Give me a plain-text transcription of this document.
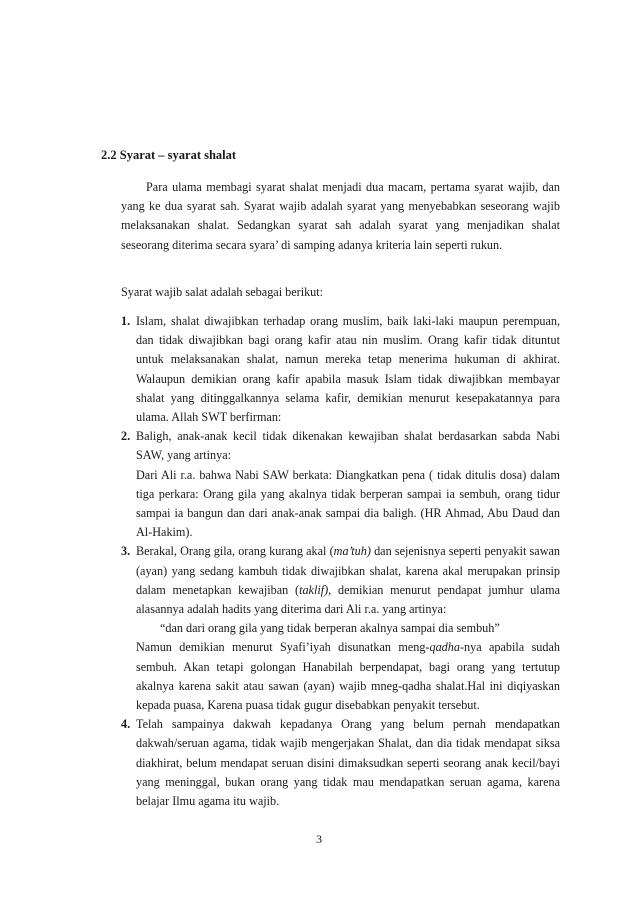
2.2 Syarat – syarat shalat

Para ulama membagi syarat shalat menjadi dua macam, pertama syarat wajib, dan yang ke dua syarat sah. Syarat wajib adalah syarat yang menyebabkan seseorang wajib melaksanakan shalat. Sedangkan syarat sah adalah syarat yang menjadikan shalat seseorang diterima secara syara’ di samping adanya kriteria lain seperti rukun.

Syarat wajib salat adalah sebagai berikut:

1. Islam, shalat diwajibkan terhadap orang muslim, baik laki-laki maupun perempuan, dan tidak diwajibkan bagi orang kafir atau nin muslim. Orang kafir tidak dituntut untuk melaksanakan shalat, namun mereka tetap menerima hukuman di akhirat. Walaupun demikian orang kafir apabila masuk Islam tidak diwajibkan membayar shalat yang ditinggalkannya selama kafir, demikian menurut kesepakatannya para ulama. Allah SWT berfirman:

2. Baligh, anak-anak kecil tidak dikenakan kewajiban shalat berdasarkan sabda Nabi SAW, yang artinya:

Dari Ali r.a. bahwa Nabi SAW berkata: Diangkatkan pena ( tidak ditulis dosa) dalam tiga perkara: Orang gila yang akalnya tidak berperan sampai ia sembuh, orang tidur sampai ia bangun dan dari anak-anak sampai dia baligh. (HR Ahmad, Abu Daud dan Al-Hakim).

3. Berakal, Orang gila, orang kurang akal (ma’tuh) dan sejenisnya seperti penyakit sawan (ayan) yang sedang kambuh tidak diwajibkan shalat, karena akal merupakan prinsip dalam menetapkan kewajiban (taklif), demikian menurut pendapat jumhur ulama alasannya adalah hadits yang diterima dari Ali r.a. yang artinya:

“dan dari orang gila yang tidak berperan akalnya sampai dia sembuh”

Namun demikian menurut Syafi’iyah disunatkan meng-qadha-nya apabila sudah sembuh. Akan tetapi golongan Hanabilah berpendapat, bagi orang yang tertutup akalnya karena sakit atau sawan (ayan) wajib mneg-qadha shalat.Hal ini diqiyaskan kepada puasa, Karena puasa tidak gugur disebabkan penyakit tersebut.

4. Telah sampainya dakwah kepadanya Orang yang belum pernah mendapatkan dakwah/seruan agama, tidak wajib mengerjakan Shalat, dan dia tidak mendapat siksa diakhirat, belum mendapat seruan disini dimaksudkan seperti seorang anak kecil/bayi yang meninggal, bukan orang yang tidak mau mendapatkan seruan agama, karena belajar Ilmu agama itu wajib.

3
